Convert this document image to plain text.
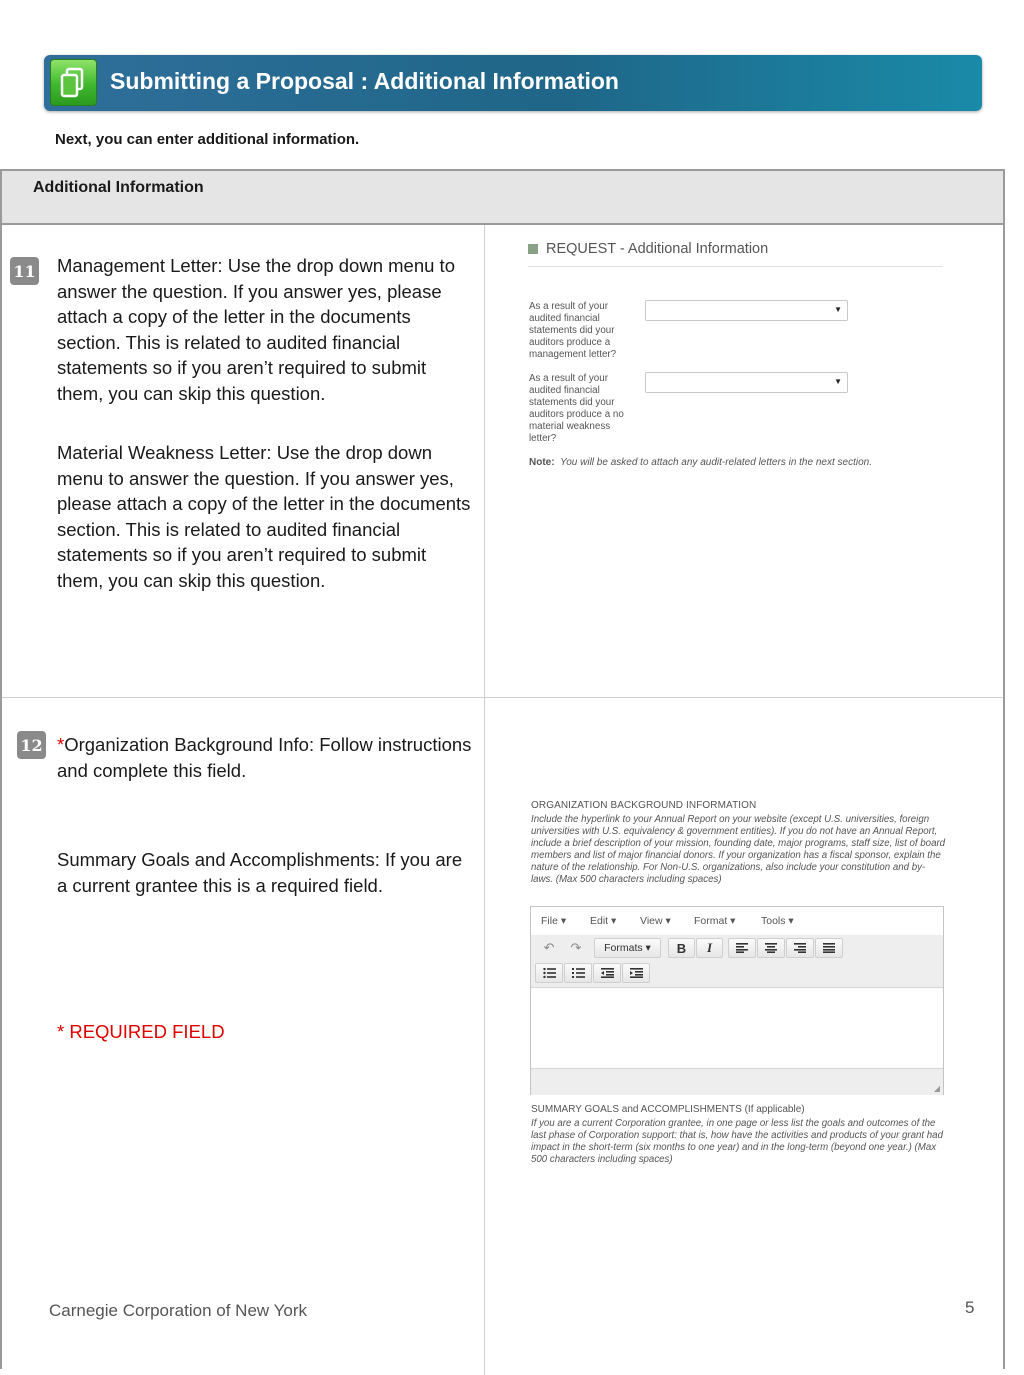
Submitting a Proposal : Additional Information
Next, you can enter additional information.
Additional Information
11 Management Letter: Use the drop down menu to answer the question. If you answer yes, please attach a copy of the letter in the documents section. This is related to audited financial statements so if you aren’t required to submit them, you can skip this question.
Material Weakness Letter: Use the drop down menu to answer the question. If you answer yes, please attach a copy of the letter in the documents section. This is related to audited financial statements so if you aren’t required to submit them, you can skip this question.
REQUEST - Additional Information
As a result of your audited financial statements did your auditors produce a management letter?
▼
As a result of your audited financial statements did your auditors produce a no material weakness letter?
▼
Note: You will be asked to attach any audit-related letters in the next section.
12 *Organization Background Info: Follow instructions and complete this field.
Summary Goals and Accomplishments: If you are a current grantee this is a required field.
* REQUIRED FIELD
ORGANIZATION BACKGROUND INFORMATION
Include the hyperlink to your Annual Report on your website (except U.S. universities, foreign universities with U.S. equivalency & government entities). If you do not have an Annual Report, include a brief description of your mission, founding date, major programs, staff size, list of board members and list of major financial donors. If your organization has a fiscal sponsor, explain the nature of the relationship. For Non-U.S. organizations, also include your constitution and by-laws. (Max 500 characters including spaces)
File ▾ Edit ▾ View ▾ Format ▾ Tools ▾
↶ ↷	Formats ▾	B	I
◢
SUMMARY GOALS and ACCOMPLISHMENTS (If applicable)
If you are a current Corporation grantee, in one page or less list the goals and outcomes of the last phase of Corporation support: that is, how have the activities and products of your grant had impact in the short-term (six months to one year) and in the long-term (beyond one year.) (Max 500 characters including spaces)
Carnegie Corporation of New York	5
